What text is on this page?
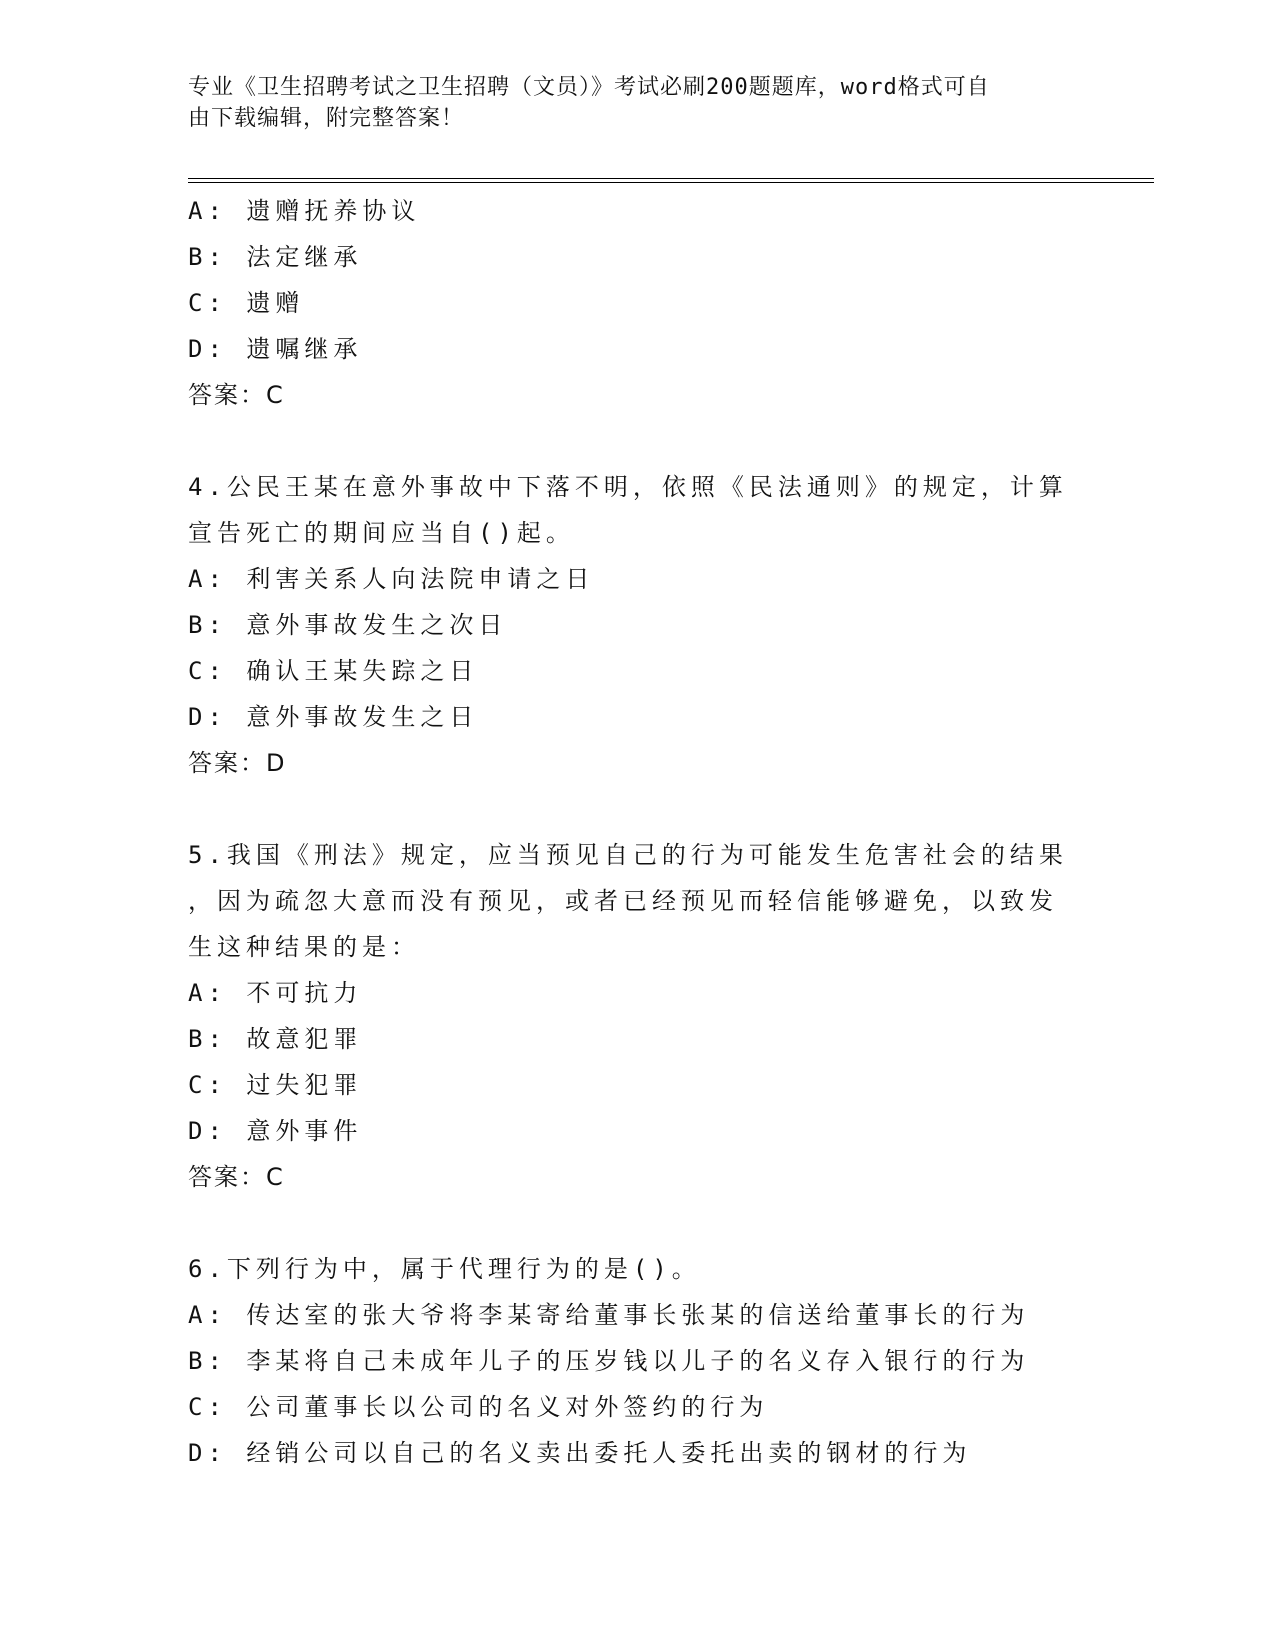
专业《卫生招聘考试之卫生招聘（文员）》考试必刷200题题库，word格式可自
由下载编辑，附完整答案！
A: 遗赠抚养协议
B: 法定继承
C: 遗赠
D: 遗嘱继承
答案：C
4.公民王某在意外事故中下落不明，依照《民法通则》的规定，计算
宣告死亡的期间应当自()起。
A: 利害关系人向法院申请之日
B: 意外事故发生之次日
C: 确认王某失踪之日
D: 意外事故发生之日
答案：D
5.我国《刑法》规定，应当预见自己的行为可能发生危害社会的结果
，因为疏忽大意而没有预见，或者已经预见而轻信能够避免，以致发
生这种结果的是：
A: 不可抗力
B: 故意犯罪
C: 过失犯罪
D: 意外事件
答案：C
6.下列行为中，属于代理行为的是()。
A: 传达室的张大爷将李某寄给董事长张某的信送给董事长的行为
B: 李某将自己未成年儿子的压岁钱以儿子的名义存入银行的行为
C: 公司董事长以公司的名义对外签约的行为
D: 经销公司以自己的名义卖出委托人委托出卖的钢材的行为
